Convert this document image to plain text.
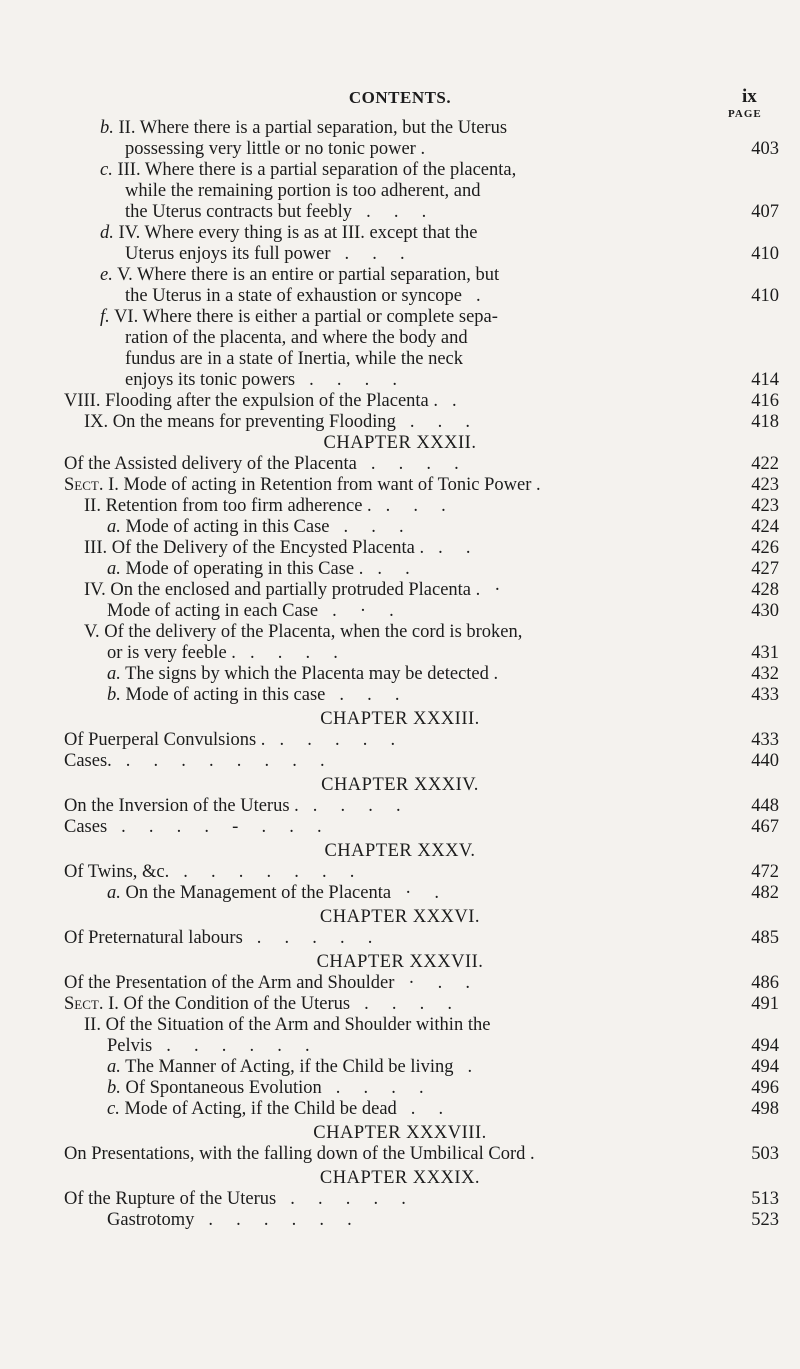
CONTENTS.	ix
PAGE
b. II. Where there is a partial separation, but the Uterus
possessing very little or no tonic power .	403
c. III. Where there is a partial separation of the placenta,
while the remaining portion is too adherent, and
the Uterus contracts but feebly .     .     .	407
d. IV. Where every thing is as at III. except that the
Uterus enjoys its full power .     .     .	410
e. V. Where there is an entire or partial separation, but
the Uterus in a state of exhaustion or syncope .	410
f. VI. Where there is either a partial or complete sepa-
ration of the placenta, and where the body and
fundus are in a state of Inertia, while the neck
enjoys its tonic powers .     .     .     .	414
VIII. Flooding after the expulsion of the Placenta . .	416
IX. On the means for preventing Flooding .     .     .	418
CHAPTER XXXII.
Of the Assisted delivery of the Placenta .     .     .     .	422
Sect. I. Mode of acting in Retention from want of Tonic Power .	423
II. Retention from too firm adherence . .     .     .	423
a. Mode of acting in this Case .     .     .	424
III. Of the Delivery of the Encysted Placenta . .     .	426
a. Mode of operating in this Case . .     .	427
IV. On the enclosed and partially protruded Placenta . ·	428
Mode of acting in each Case .     ·     .	430
V. Of the delivery of the Placenta, when the cord is broken,
or is very feeble . .     .     .     .	431
a. The signs by which the Placenta may be detected .	432
b. Mode of acting in this case .     .     .	433
CHAPTER XXXIII.
Of Puerperal Convulsions . .     .     .     .     .	433
Cases. .     .     .     .     .     .     .     .	440
CHAPTER XXXIV.
On the Inversion of the Uterus . .     .     .     .	448
Cases .     .     .     .     -     .     .     .	467
CHAPTER XXXV.
Of Twins, &c. .     .     .     .     .     .     .	472
a. On the Management of the Placenta ·     .	482
CHAPTER XXXVI.
Of Preternatural labours .     .     .     .     .	485
CHAPTER XXXVII.
Of the Presentation of the Arm and Shoulder ·     .     .	486
Sect. I. Of the Condition of the Uterus .     .     .     .	491
II. Of the Situation of the Arm and Shoulder within the
Pelvis .     .     .     .     .     .	494
a. The Manner of Acting, if the Child be living .	494
b. Of Spontaneous Evolution .     .     .     .	496
c. Mode of Acting, if the Child be dead .     .	498
CHAPTER XXXVIII.
On Presentations, with the falling down of the Umbilical Cord .	503
CHAPTER XXXIX.
Of the Rupture of the Uterus .     .     .     .     .	513
Gastrotomy .     .     .     .     .     .	523
